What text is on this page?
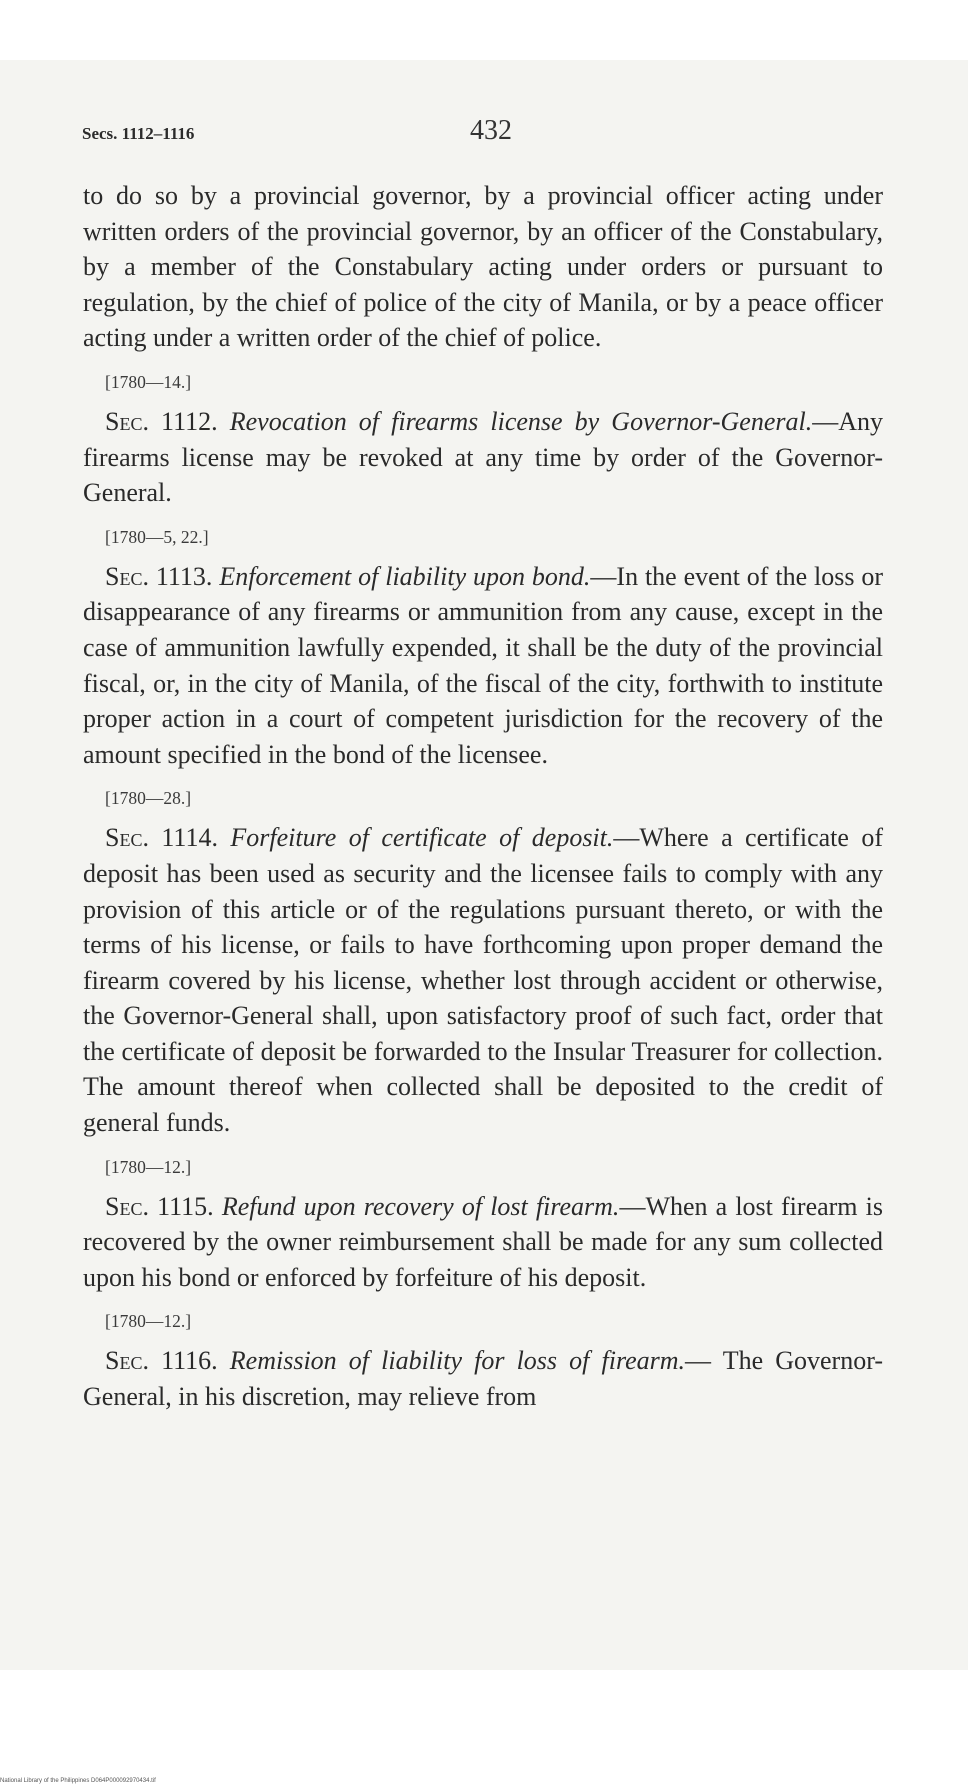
Secs. 1112–1116	432

to do so by a provincial governor, by a provincial officer acting under written orders of the provincial governor, by an officer of the Constabulary, by a member of the Constabulary acting under orders or pursuant to regulation, by the chief of police of the city of Manila, or by a peace officer acting under a written order of the chief of police.

[1780—14.]

Sec. 1112. Revocation of firearms license by Governor-General.—Any firearms license may be revoked at any time by order of the Governor-General.

[1780—5, 22.]

Sec. 1113. Enforcement of liability upon bond.—In the event of the loss or disappearance of any firearms or ammunition from any cause, except in the case of ammunition lawfully expended, it shall be the duty of the provincial fiscal, or, in the city of Manila, of the fiscal of the city, forthwith to institute proper action in a court of competent jurisdiction for the recovery of the amount specified in the bond of the licensee.

[1780—28.]

Sec. 1114. Forfeiture of certificate of deposit.—Where a certificate of deposit has been used as security and the licensee fails to comply with any provision of this article or of the regulations pursuant thereto, or with the terms of his license, or fails to have forthcoming upon proper demand the firearm covered by his license, whether lost through accident or otherwise, the Governor-General shall, upon satisfactory proof of such fact, order that the certificate of deposit be forwarded to the Insular Treasurer for collection. The amount thereof when collected shall be deposited to the credit of general funds.

[1780—12.]

Sec. 1115. Refund upon recovery of lost firearm.—When a lost firearm is recovered by the owner reimbursement shall be made for any sum collected upon his bond or enforced by forfeiture of his deposit.

[1780—12.]

Sec. 1116. Remission of liability for loss of firearm.— The Governor-General, in his discretion, may relieve from

National Library of the Philippines D064P000092970434.tif
